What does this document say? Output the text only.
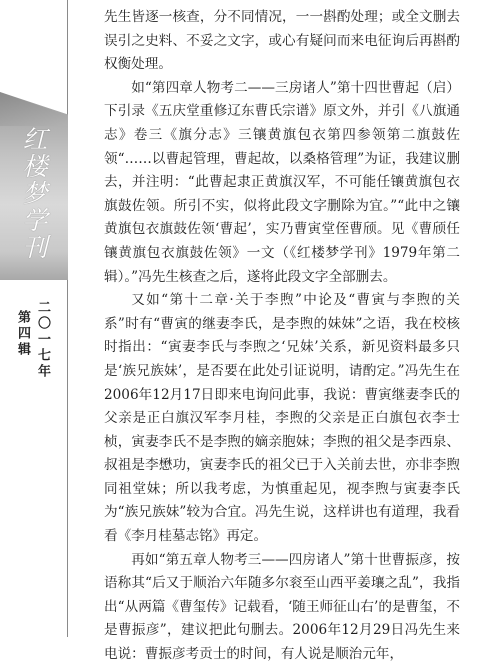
红楼梦学刊
二〇一七年
第四辑

先生皆逐一核查，分不同情况，一一斟酌处理；或全文删去误引之史料、不妥之文字，或心有疑问而来电征询后再斟酌权衡处理。

如“第四章人物考二——三房诸人”第十四世曹起（启）下引录《五庆堂重修辽东曹氏宗谱》原文外，并引《八旗通志》卷三《旗分志》三镶黄旗包衣第四参领第二旗鼓佐领“……以曹起管理，曹起故，以桑格管理”为证，我建议删去，并注明：“此曹起隶正黄旗汉军，不可能任镶黄旗包衣旗鼓佐领。所引不实，似将此段文字删除为宜。”“此中之镶黄旗包衣旗鼓佐领‘曹起’，实乃曹寅堂侄曹颀。见《曹颀任镶黄旗包衣旗鼓佐领》一文（《红楼梦学刊》1979年第二辑）。”冯先生核查之后，遂将此段文字全部删去。

又如“第十二章·关于李煦”中论及“曹寅与李煦的关系”时有“曹寅的继妻李氏，是李煦的妹妹”之语，我在校核时指出：“寅妻李氏与李煦之‘兄妹’关系，新见资料最多只是‘族兄族妹’，是否要在此处引证说明，请酌定。”冯先生在2006年12月17日即来电询问此事，我说：曹寅继妻李氏的父亲是正白旗汉军李月桂，李煦的父亲是正白旗包衣李士桢，寅妻李氏不是李煦的嫡亲胞妹；李煦的祖父是李西泉、叔祖是李懋功，寅妻李氏的祖父已于入关前去世，亦非李煦同祖堂妹；所以我考虑，为慎重起见，视李煦与寅妻李氏为“族兄族妹”较为合宜。冯先生说，这样讲也有道理，我看看《李月桂墓志铭》再定。

再如“第五章人物考三——四房诸人”第十世曹振彦，按语称其“后又于顺治六年随多尔衮至山西平姜瓖之乱”，我指出“从两篇《曹玺传》记载看，‘随王师征山右’的是曹玺，不是曹振彦”，建议把此句删去。2006年12月29日冯先生来电说：曹振彦考贡士的时间，有人说是顺治元年，
